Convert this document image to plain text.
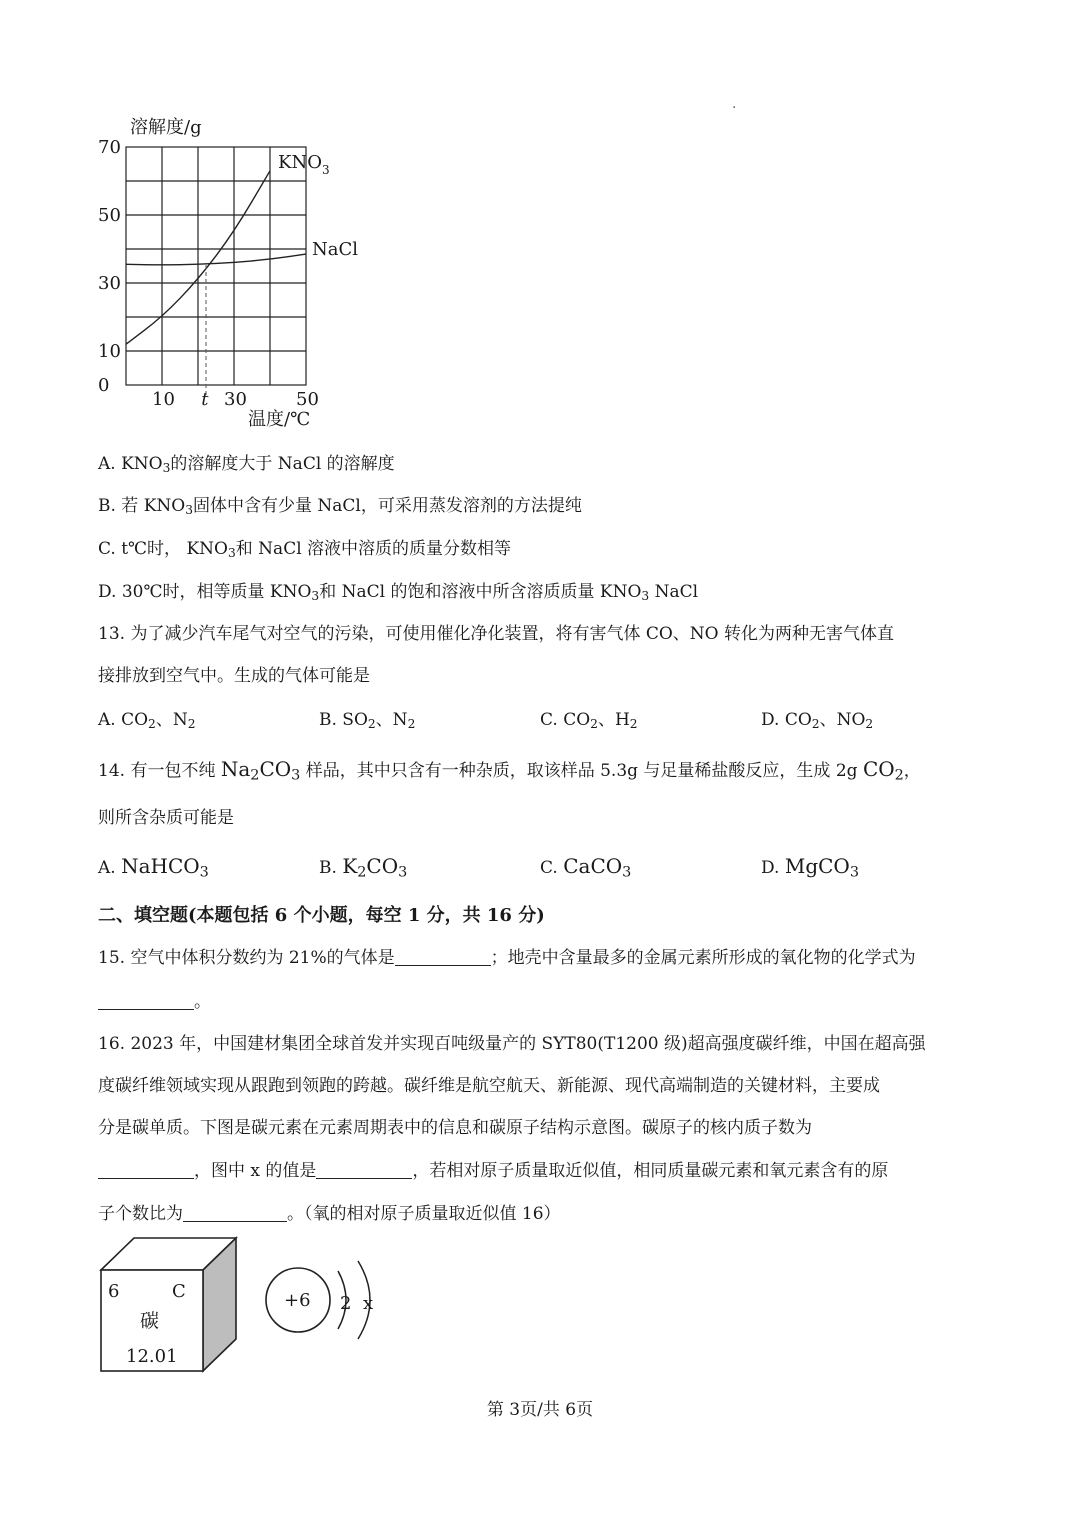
溶解度/g
0
10
30
50
70
10 t 30	50
$KNO_3$
NaCl
温度/℃
·
A. $KNO_3$的溶解度大于 NaCl 的溶解度
B. 若 $KNO_3$固体中含有少量 NaCl，可采用蒸发溶剂的方法提纯
C. t℃时， $KNO_3$和 NaCl 溶液中溶质的质量分数相等
D. 30℃时，相等质量 $KNO_3$和 NaCl 的饱和溶液中所含溶质质量 $KNO_3$ NaCl
13. 为了减少汽车尾气对空气的污染，可使用催化净化装置，将有害气体 CO、NO 转化为两种无害气体直
接排放到空气中。生成的气体可能是
A. $CO_2$、$N_2$	B. $SO_2$、$N_2$	C. $CO_2$、$H_2$	D. $CO_2$、$NO_2$
14. 有一包不纯 $Na_2CO_3$ 样品，其中只含有一种杂质，取该样品 5.3g 与足量稀盐酸反应，生成 2g $CO_2$，
则所含杂质可能是
A. NaHCO$_3$	B. $K_2CO_3$	C. CaCO$_3$	D. MgCO$_3$
二、填空题(本题包括 6 个小题，每空 1 分，共 16 分)
15. 空气中体积分数约为 21%的气体是	；地壳中含量最多的金属元素所形成的氧化物的化学式为
。
16. 2023 年，中国建材集团全球首发并实现百吨级量产的 SYT80(T1200 级)超高强度碳纤维，中国在超高强
度碳纤维领域实现从跟跑到领跑的跨越。碳纤维是航空航天、新能源、现代高端制造的关键材料，主要成
分是碳单质。下图是碳元素在元素周期表中的信息和碳原子结构示意图。碳原子的核内质子数为
，图中 x 的值是	，若相对原子质量取近似值，相同质量碳元素和氧元素含有的原
子个数比为	。（氧的相对原子质量取近似值 16）
6	C
碳
12.01
+6 2 x
第 3页/共 6页
